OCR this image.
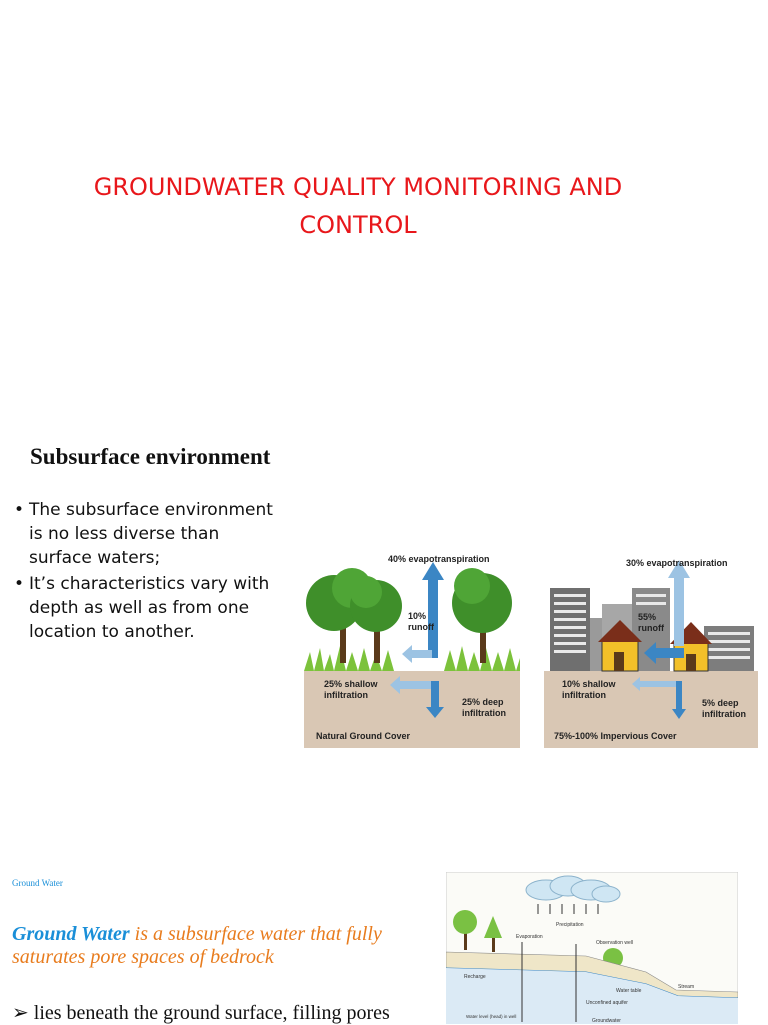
GROUNDWATER QUALITY MONITORING AND
CONTROL
Subsurface environment
• The subsurface environment
is no less diverse than
surface waters;
• It’s characteristics vary with
depth as well as from one
location to another.
40% evapotranspiration
10%
runoff
25% shallow
infiltration
25% deep
infiltration
Natural Ground Cover
30% evapotranspiration
55%
runoff
10% shallow
infiltration
5% deep
infiltration
75%-100% Impervious Cover
Ground Water
Ground Water is a subsurface water that fully saturates pore spaces of bedrock
➢ lies beneath the ground surface, filling pores
Precipitation
Evaporation
Observation well
Recharge
Water table
Stream
Unconfined aquifer
Water level (head) in well
Groundwater
